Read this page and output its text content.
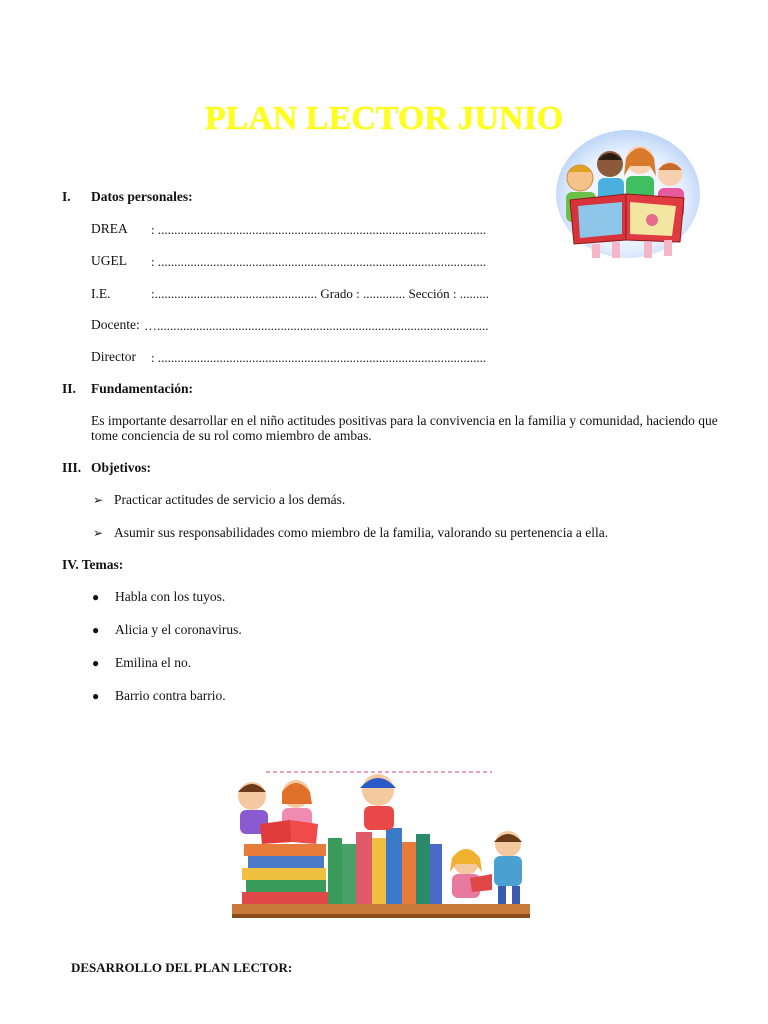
PLAN LECTOR JUNIO
I. Datos personales:
DREA : .....................................................................................................
UGEL : .....................................................................................................
I.E.	:.................................................. Grado : ............. Sección : .........
Docente: …......................................................................................................
Director : .....................................................................................................
II. Fundamentación:
Es importante desarrollar en el niño actitudes positivas para la convivencia en la familia y comunidad, haciendo que tome conciencia de su rol como miembro de ambas.
III. Objetivos:
➢ Practicar actitudes de servicio a los demás.
➢ Asumir sus responsabilidades como miembro de la familia, valorando su pertenencia a ella.
IV. Temas:
● Habla con los tuyos.
● Alicia y el coronavirus.
● Emilina el no.
● Barrio contra barrio.
DESARROLLO DEL PLAN LECTOR:
